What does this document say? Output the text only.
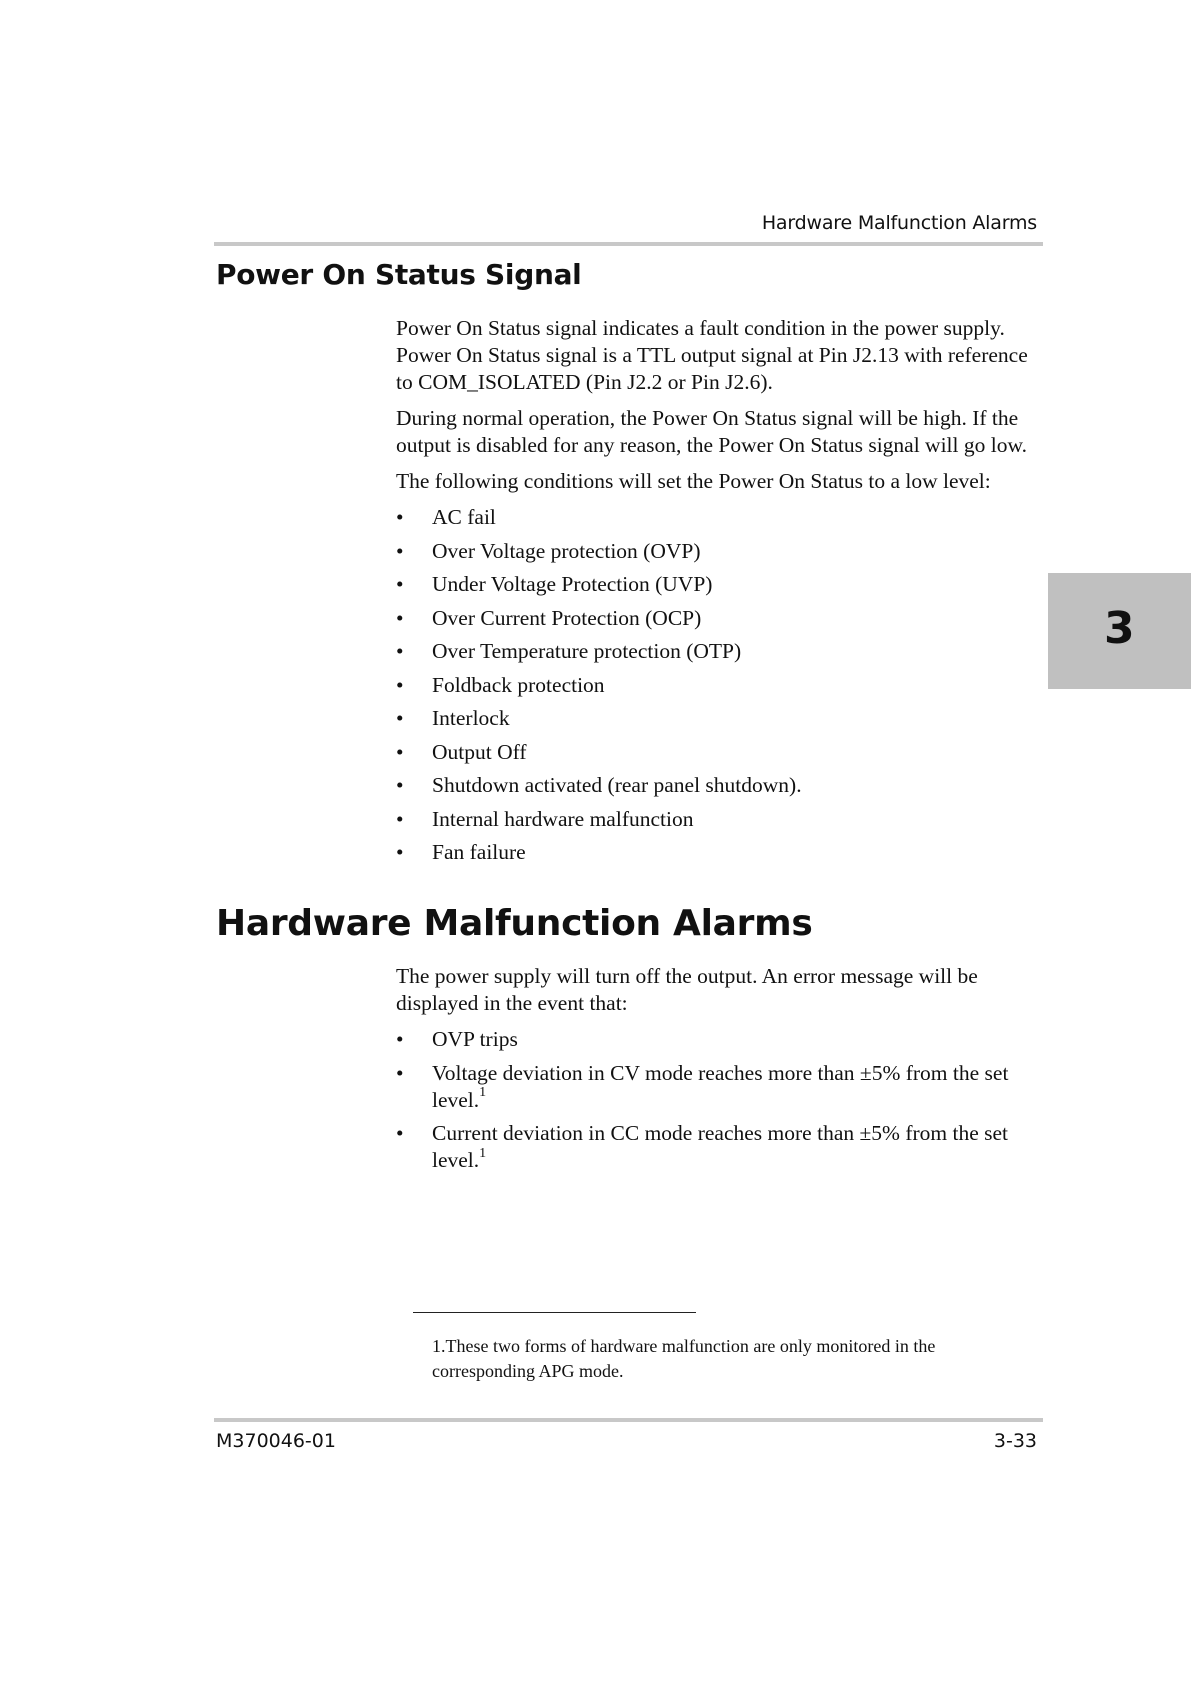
Hardware Malfunction Alarms
Power On Status Signal

Power On Status signal indicates a fault condition in the power supply. Power On Status signal is a TTL output signal at Pin J2.13 with reference to COM_ISOLATED (Pin J2.2 or Pin J2.6).

During normal operation, the Power On Status signal will be high. If the output is disabled for any reason, the Power On Status signal will go low.

The following conditions will set the Power On Status to a low level:

• AC fail
• Over Voltage protection (OVP)
• Under Voltage Protection (UVP)
• Over Current Protection (OCP)
• Over Temperature protection (OTP)
• Foldback protection
• Interlock
• Output Off
• Shutdown activated (rear panel shutdown).
• Internal hardware malfunction
• Fan failure
3
Hardware Malfunction Alarms

The power supply will turn off the output. An error message will be displayed in the event that:

• OVP trips
• Voltage deviation in CV mode reaches more than ±5% from the set level.$^1$
• Current deviation in CC mode reaches more than ±5% from the set level.$^1$
1.These two forms of hardware malfunction are only monitored in the corresponding APG mode.
M370046-01	3-33
